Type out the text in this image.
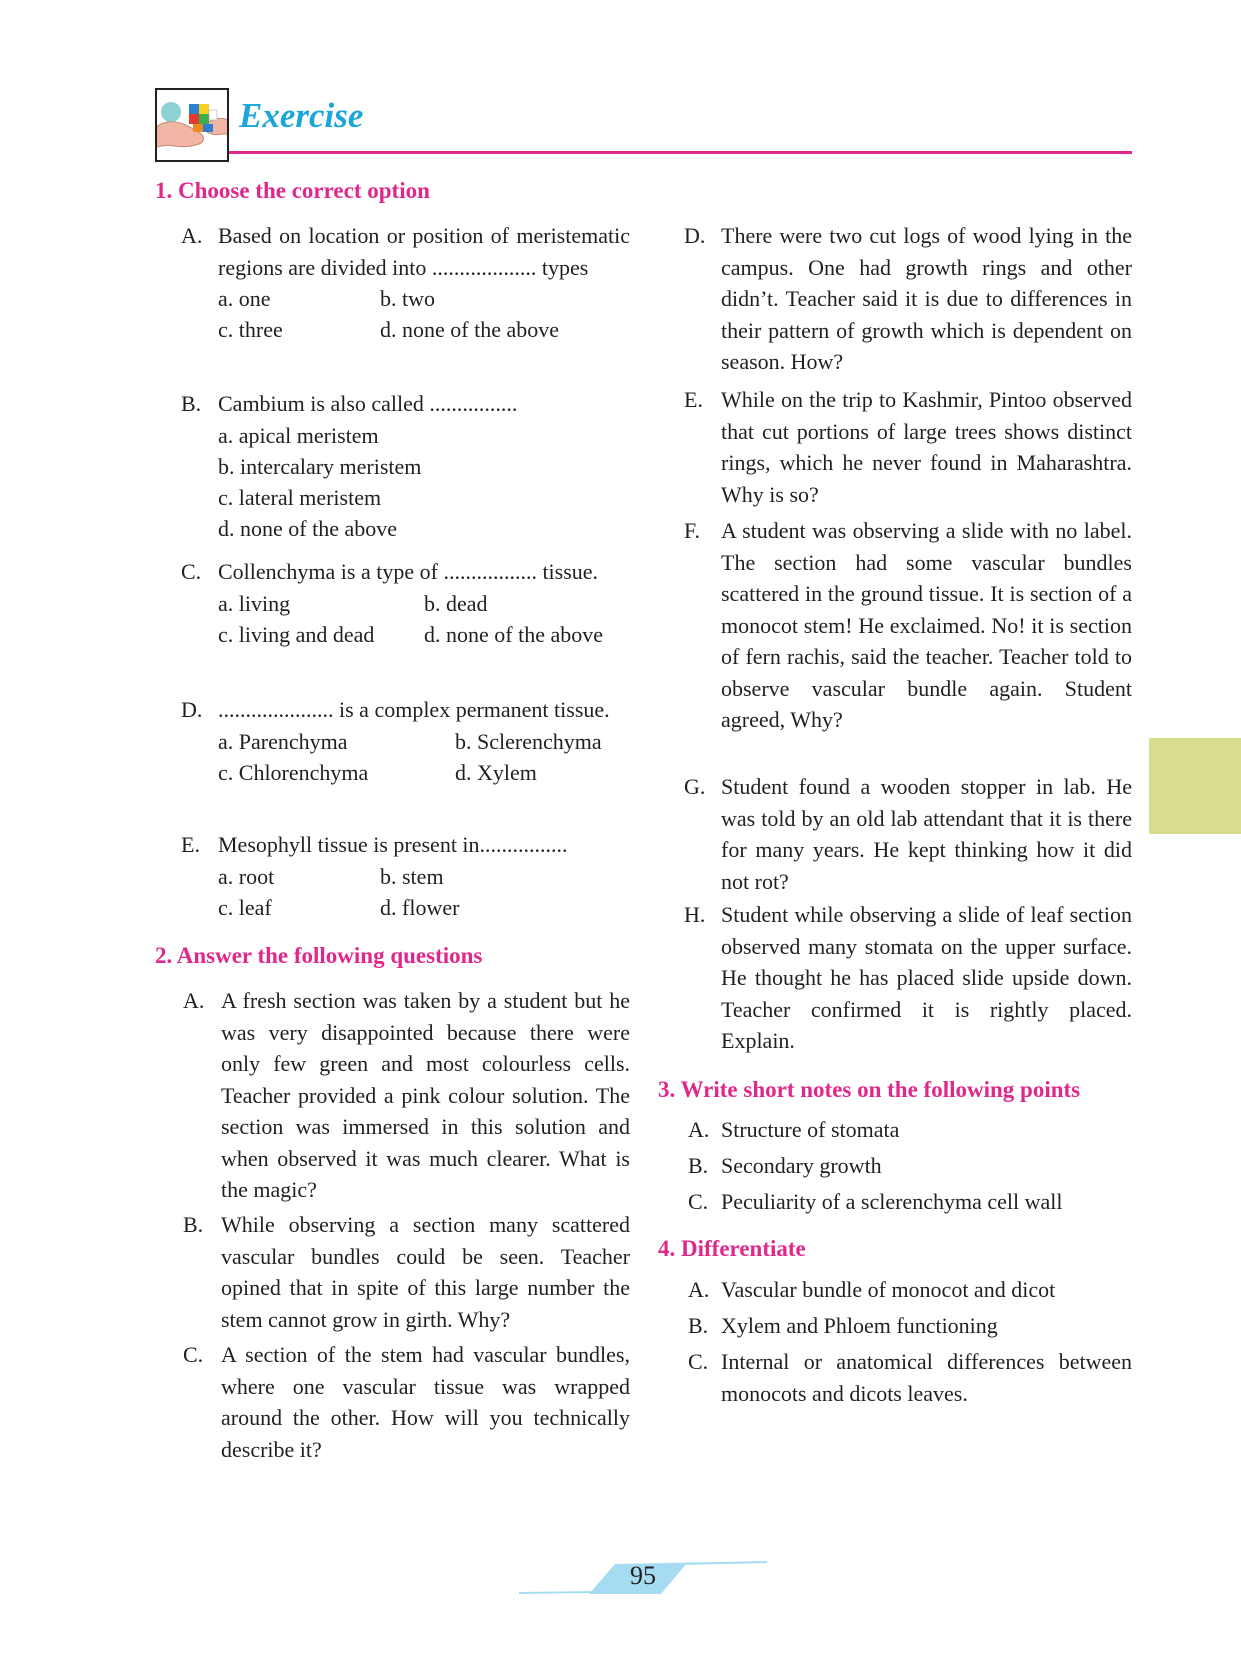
Exercise
1. Choose the correct option
A. Based on location or position of meristematic regions are divided into ................... types
a. one	b. two
c. three	d. none of the above
B. Cambium is also called ................
a. apical meristem
b. intercalary meristem
c. lateral meristem
d. none of the above
C. Collenchyma is a type of ................. tissue.
a. living	b. dead
c. living and dead d. none of the above
D. ..................... is a complex permanent tissue.
a. Parenchyma	b. Sclerenchyma
c. Chlorenchyma	d. Xylem
E. Mesophyll tissue is present in................
a. root	b. stem
c. leaf	d. flower
2. Answer the following questions
A. A fresh section was taken by a student but he was very disappointed because there were only few green and most colourless cells. Teacher provided a pink colour solution. The section was immersed in this solution and when observed it was much clearer. What is the magic?
B. While observing a section many scattered vascular bundles could be seen. Teacher opined that in spite of this large number the stem cannot grow in girth. Why?
C. A section of the stem had vascular bundles, where one vascular tissue was wrapped around the other. How will you technically describe it?
D. There were two cut logs of wood lying in the campus. One had growth rings and other didn’t. Teacher said it is due to differences in their pattern of growth which is dependent on season. How?
E. While on the trip to Kashmir, Pintoo observed that cut portions of large trees shows distinct rings, which he never found in Maharashtra. Why is so?
F. A student was observing a slide with no label. The section had some vascular bundles scattered in the ground tissue. It is section of a monocot stem! He exclaimed. No! it is section of fern rachis, said the teacher. Teacher told to observe vascular bundle again. Student agreed, Why?
G. Student found a wooden stopper in lab. He was told by an old lab attendant that it is there for many years. He kept thinking how it did not rot?
H. Student while observing a slide of leaf section observed many stomata on the upper surface. He thought he has placed slide upside down. Teacher confirmed it is rightly placed. Explain.
3. Write short notes on the following points
A. Structure of stomata
B. Secondary growth
C. Peculiarity of a sclerenchyma cell wall
4. Differentiate
A. Vascular bundle of monocot and dicot
B. Xylem and Phloem functioning
C. Internal or anatomical differences between monocots and dicots leaves.
95
